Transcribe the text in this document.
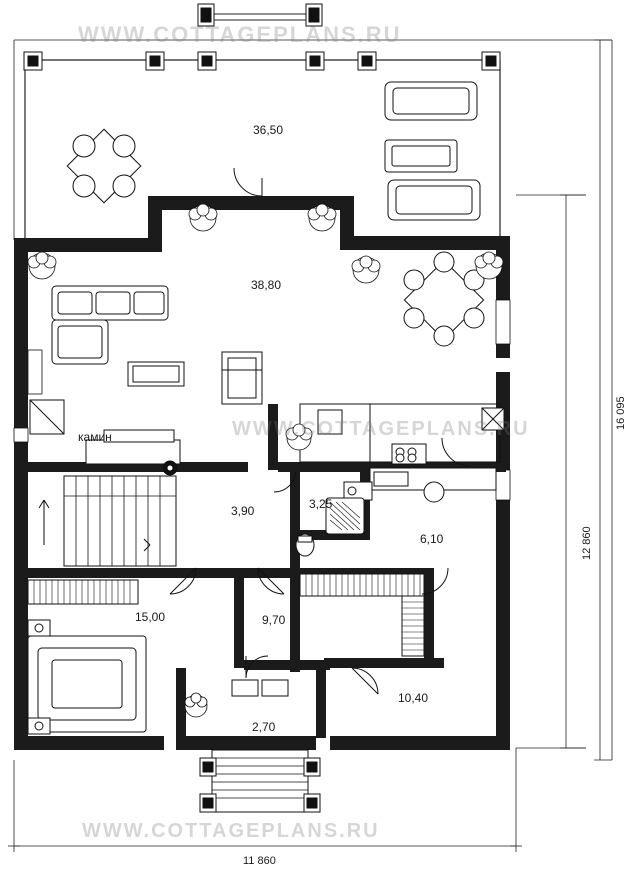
WWW.COTTAGEPLANS.RU
WWW.COTTAGEPLANS.RU
WWW.COTTAGEPLANS.RU
36,50
38,80
3,90	3,25
6,10
15,00	9,70
10,40
2,70
камин
11 860
16 095
12 860
